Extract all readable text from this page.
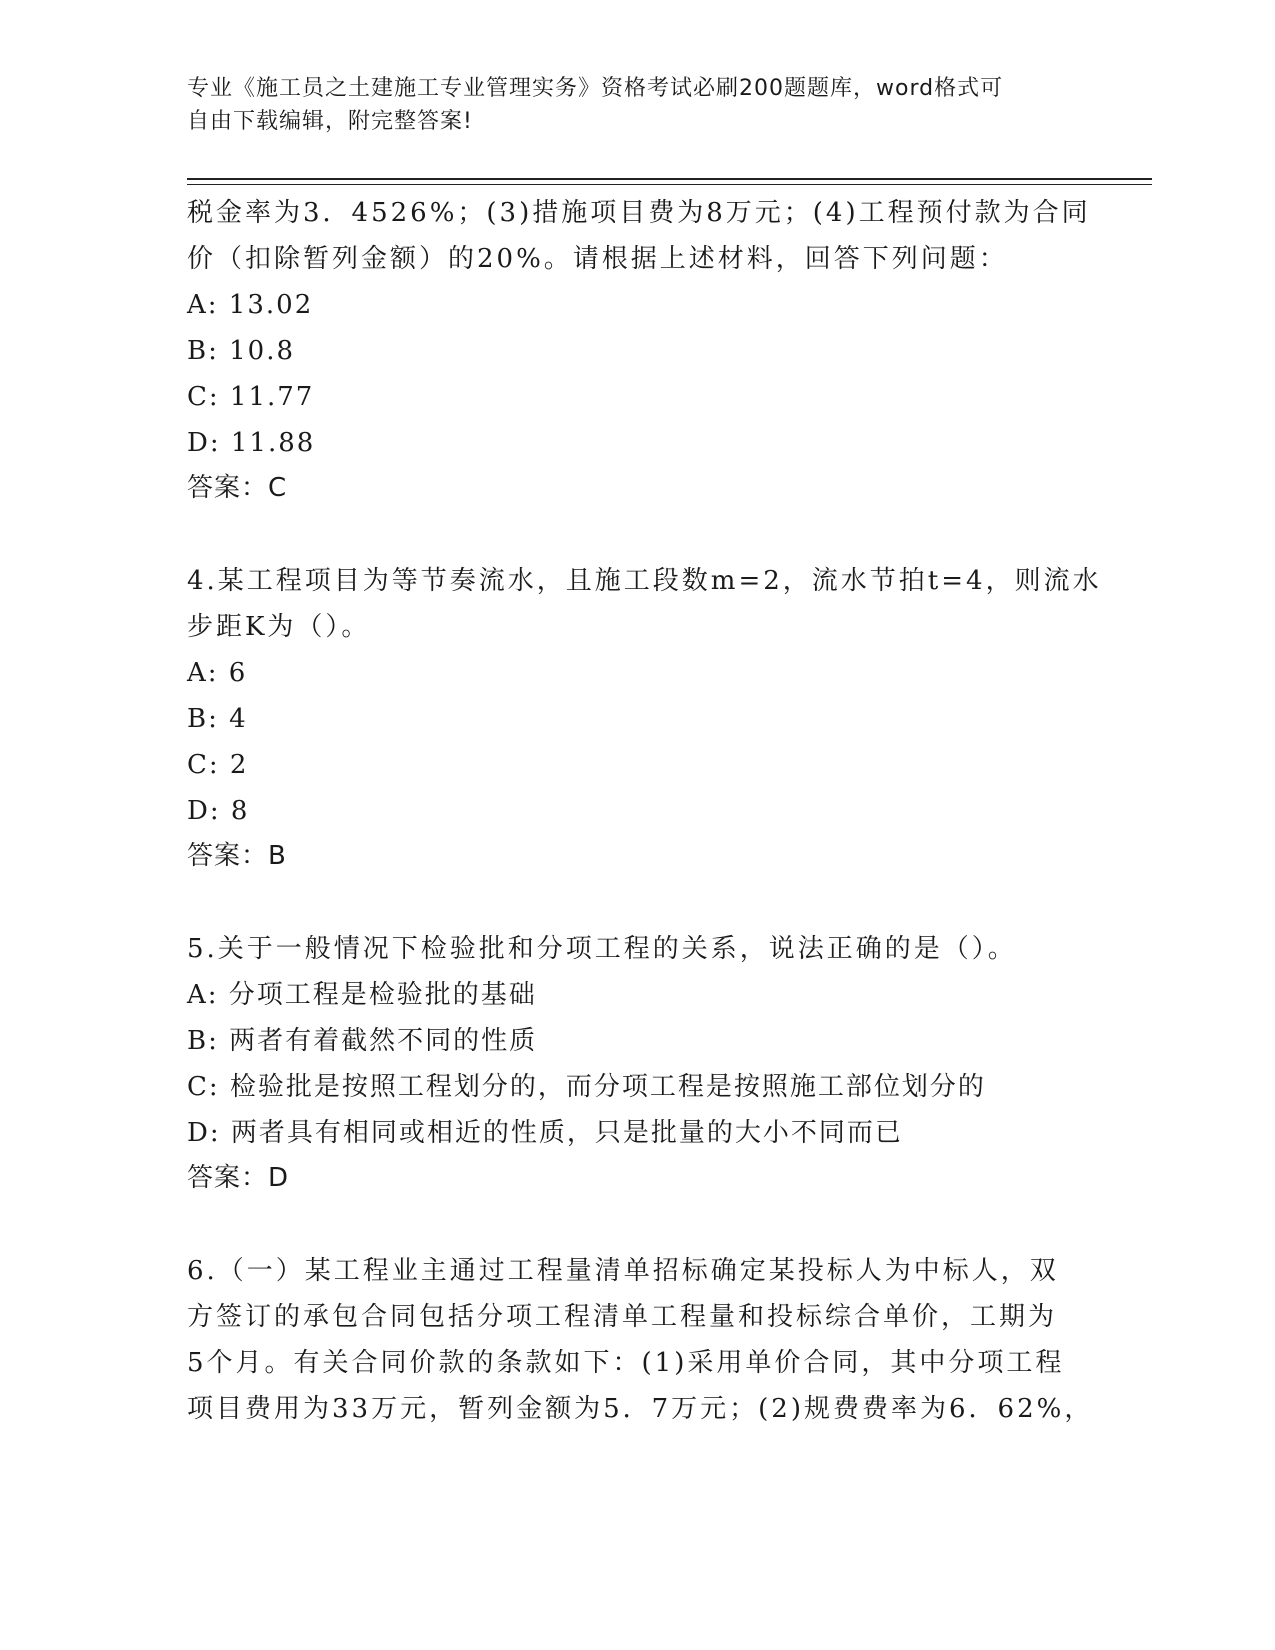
专业《施工员之土建施工专业管理实务》资格考试必刷200题题库，word格式可
自由下载编辑，附完整答案!
税金率为3．4526%；(3)措施项目费为8万元；(4)工程预付款为合同
价（扣除暂列金额）的20%。请根据上述材料，回答下列问题：
A: 13.02
B: 10.8
C: 11.77
D: 11.88
答案：C
4.某工程项目为等节奏流水，且施工段数m=2，流水节拍t=4，则流水
步距K为（）。
A: 6
B: 4
C: 2
D: 8
答案：B
5.关于一般情况下检验批和分项工程的关系，说法正确的是（）。
A: 分项工程是检验批的基础
B: 两者有着截然不同的性质
C: 检验批是按照工程划分的，而分项工程是按照施工部位划分的
D: 两者具有相同或相近的性质，只是批量的大小不同而已
答案：D
6.（一）某工程业主通过工程量清单招标确定某投标人为中标人，双
方签订的承包合同包括分项工程清单工程量和投标综合单价，工期为
5个月。有关合同价款的条款如下：(1)采用单价合同，其中分项工程
项目费用为33万元，暂列金额为5．7万元；(2)规费费率为6．62%，
